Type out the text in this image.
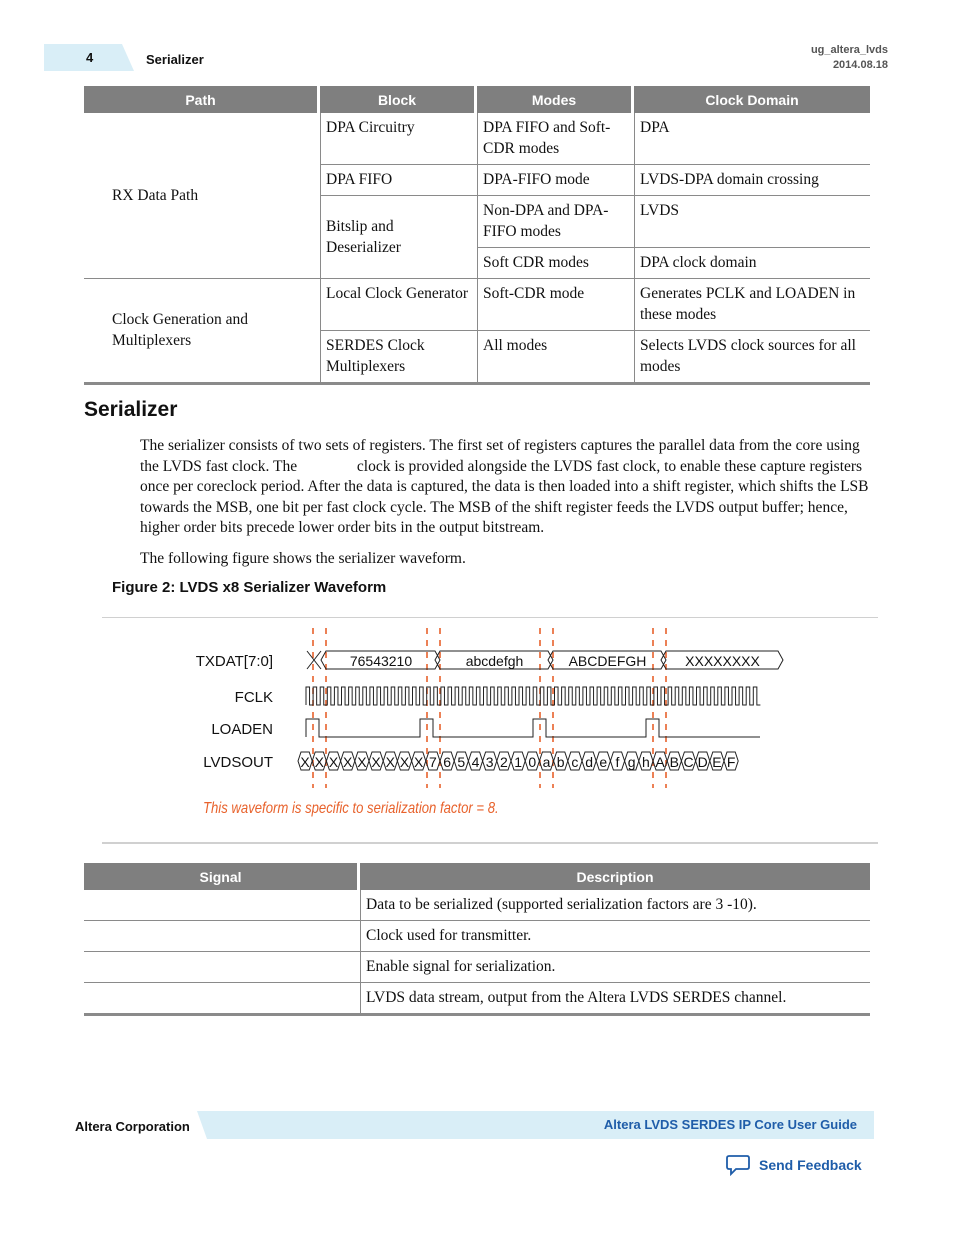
4	Serializer
ug_altera_lvds
2014.08.18
Path	Block	Modes	Clock Domain
RX Data Path	DPA Circuitry	DPA FIFO and Soft-CDR modes	DPA
	DPA FIFO	DPA-FIFO mode	LVDS-DPA domain crossing
	Bitslip and Deserializer	Non-DPA and DPA-FIFO modes	LVDS
		Soft CDR modes	DPA clock domain
Clock Generation and Multiplexers	Local Clock Generator	Soft-CDR mode	Generates PCLK and LOADEN in these modes
	SERDES Clock Multiplexers	All modes	Selects LVDS clock sources for all modes
Serializer

The serializer consists of two sets of registers. The first set of registers captures the parallel data from the core using the LVDS fast clock. The	clock is provided alongside the LVDS fast clock, to enable these capture registers once per coreclock period. After the data is captured, the data is then loaded into a shift register, which shifts the LSB towards the MSB, one bit per fast clock cycle. The MSB of the shift register feeds the LVDS output buffer; hence, higher order bits precede lower order bits in the output bitstream.

The following figure shows the serializer waveform.

Figure 2: LVDS x8 Serializer Waveform
TXDAT[7:0]
FCLK
LOADEN
LVDSOUT
76543210	abcdefgh	ABCDEFGH	XXXXXXXX
X X X X X X X X X 7 6 5 4 3 2 1 0 a b c d e f g h A B C D E F
This waveform is specific to serialization factor = 8.
Signal	Description
	Data to be serialized (supported serialization factors are 3 -10).
	Clock used for transmitter.
	Enable signal for serialization.
	LVDS data stream, output from the Altera LVDS SERDES channel.
Altera Corporation	Altera LVDS SERDES IP Core User Guide
Send Feedback
